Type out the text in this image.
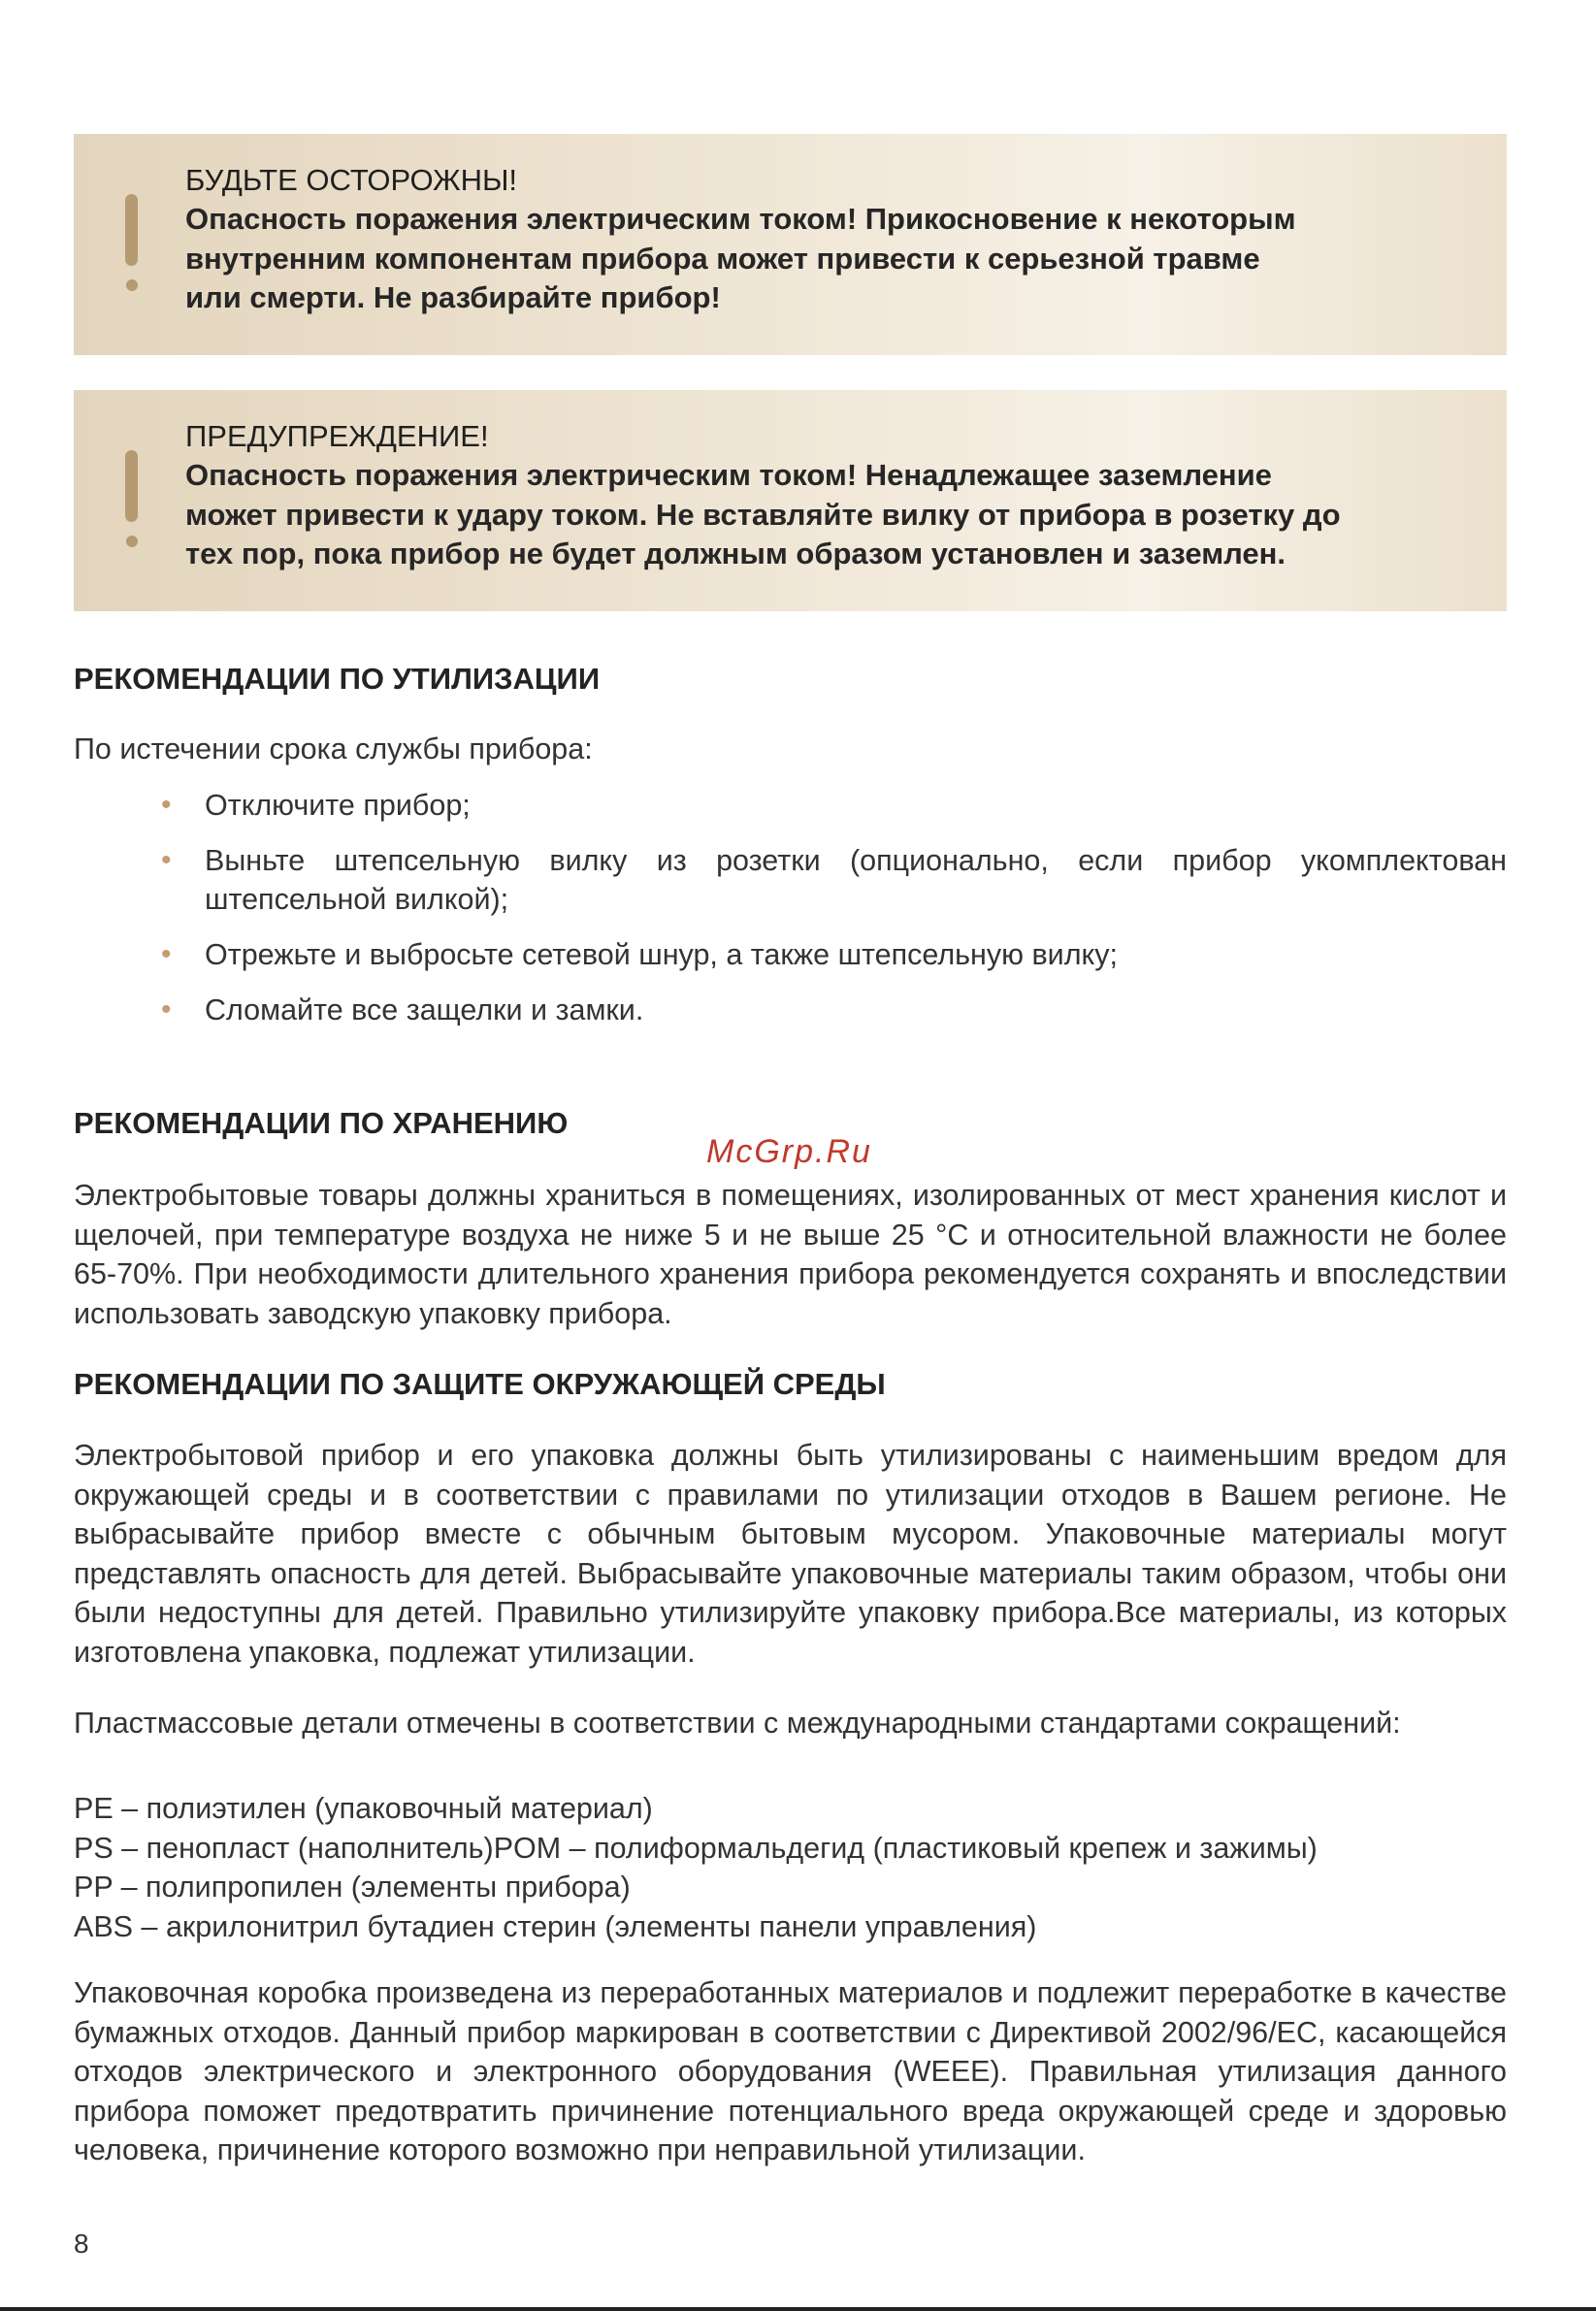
БУДЬТЕ ОСТОРОЖНЫ!
Опасность поражения электрическим током! Прикосновение к некоторым
внутренним компонентам прибора может привести к серьезной травме
или смерти. Не разбирайте прибор!
ПРЕДУПРЕЖДЕНИЕ!
Опасность поражения электрическим током! Ненадлежащее заземление
может привести к удару током. Не вставляйте вилку от прибора в розетку до
тех пор, пока прибор не будет должным образом установлен и заземлен.
РЕКОМЕНДАЦИИ ПО УТИЛИЗАЦИИ
По истечении срока службы прибора:
• Отключите прибор;
• Выньте штепсельную вилку из розетки (опционально, если прибор укомплектован штепсельной вилкой);
• Отрежьте и выбросьте сетевой шнур, а также штепсельную вилку;
• Сломайте все защелки и замки.
РЕКОМЕНДАЦИИ ПО ХРАНЕНИЮ
McGrp.Ru
Электробытовые товары должны храниться в помещениях, изолированных от мест хранения кислот и щелочей, при температуре воздуха не ниже 5 и не выше 25 °С и относительной влажности не более 65-70%. При необходимости длительного хранения прибора рекомендуется сохранять и впоследствии использовать заводскую упаковку прибора.
РЕКОМЕНДАЦИИ ПО ЗАЩИТЕ ОКРУЖАЮЩЕЙ СРЕДЫ
Электробытовой прибор и его упаковка должны быть утилизированы с наименьшим вредом для окружающей среды и в соответствии с правилами по утилизации отходов в Вашем регионе. Не выбрасывайте прибор вместе с обычным бытовым мусором. Упаковочные материалы могут представлять опасность для детей. Выбрасывайте упаковочные материалы таким образом, чтобы они были недоступны для детей. Правильно утилизируйте упаковку прибора.Все материалы, из которых изготовлена упаковка, подлежат утилизации.
Пластмассовые детали отмечены в соответствии с международными стандартами сокращений:
PE – полиэтилен (упаковочный материал)
PS – пенопласт (наполнитель)POM – полиформальдегид (пластиковый крепеж и зажимы)
PP – полипропилен (элементы прибора)
ABS – акрилонитрил бутадиен стерин (элементы панели управления)
Упаковочная коробка произведена из переработанных материалов и подлежит переработке в качестве бумажных отходов. Данный прибор маркирован в соответствии с Директивой 2002/96/EC, касающейся отходов электрического и электронного оборудования (WEEE). Правильная утилизация данного прибора поможет предотвратить причинение потенциального вреда окружающей среде и здоровью человека, причинение которого возможно при неправильной утилизации.
8
